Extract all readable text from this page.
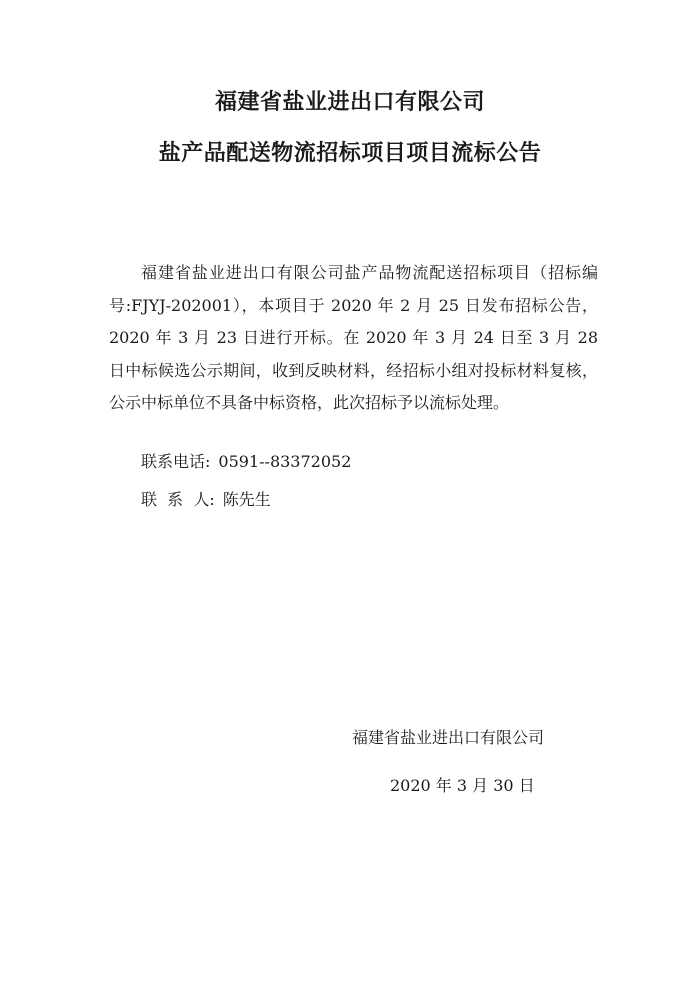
福建省盐业进出口有限公司
盐产品配送物流招标项目项目流标公告

福建省盐业进出口有限公司盐产品物流配送招标项目（招标编号:FJYJ-202001），本项目于 2020 年 2 月 25 日发布招标公告，2020 年 3 月 23 日进行开标。在 2020 年 3 月 24 日至 3 月 28 日中标候选公示期间，收到反映材料，经招标小组对投标材料复核，公示中标单位不具备中标资格，此次招标予以流标处理。

联系电话: 0591--83372052
联  系  人: 陈先生
福建省盐业进出口有限公司
2020 年 3 月 30 日
